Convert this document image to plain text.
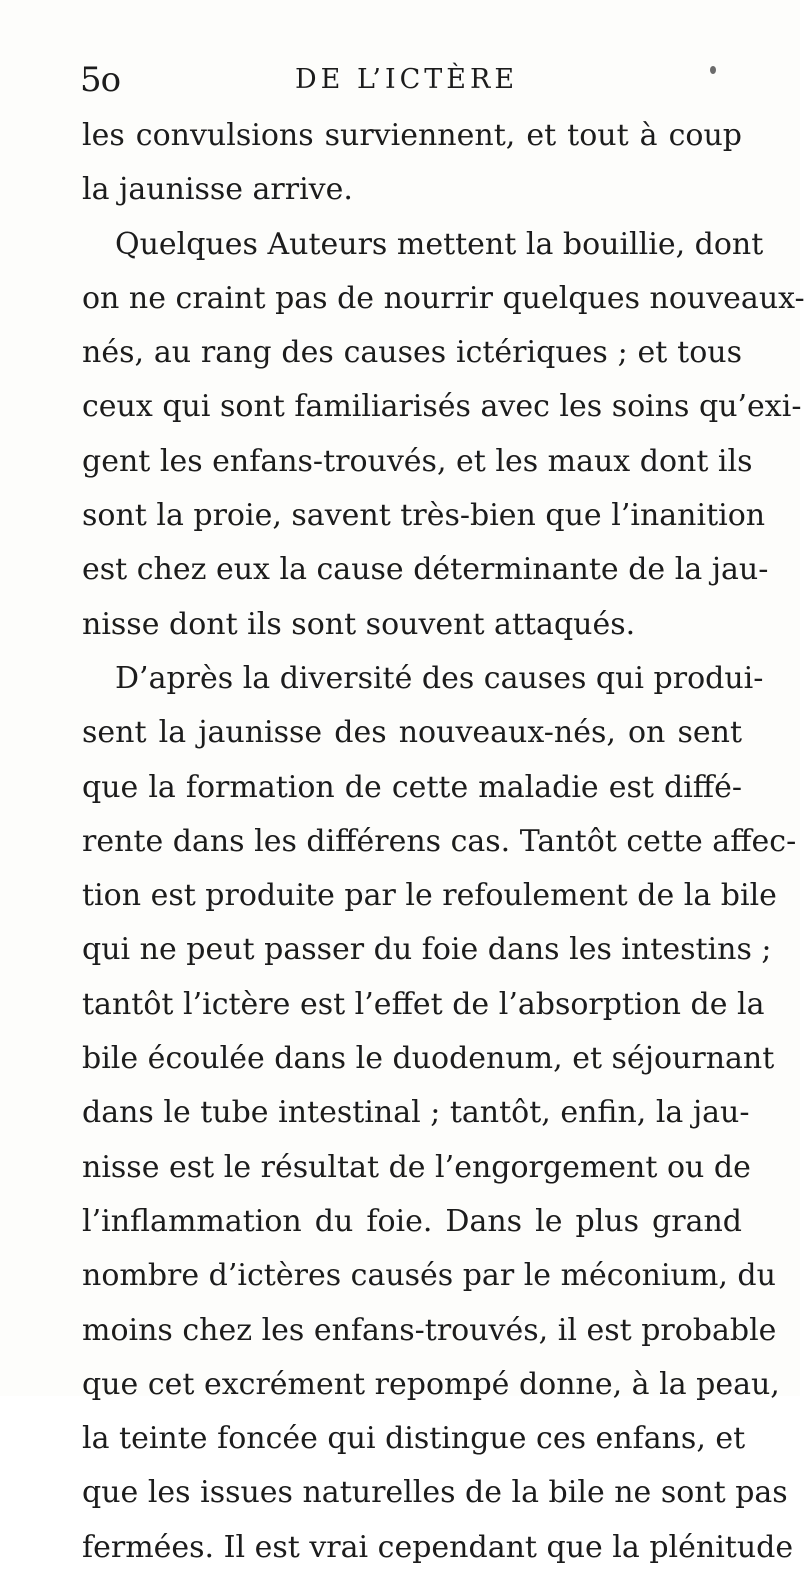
5o	DE L’ICTÈRE
les convulsions surviennent, et tout à coup
la jaunisse arrive.
Quelques Auteurs mettent la bouillie, dont
on ne craint pas de nourrir quelques nouveaux-
nés, au rang des causes ictériques ; et tous
ceux qui sont familiarisés avec les soins qu’exi-
gent les enfans-trouvés, et les maux dont ils
sont la proie, savent très-bien que l’inanition
est chez eux la cause déterminante de la jau-
nisse dont ils sont souvent attaqués.
D’après la diversité des causes qui produi-
sent la jaunisse des nouveaux-nés, on sent
que la formation de cette maladie est diffé-
rente dans les différens cas. Tantôt cette affec-
tion est produite par le refoulement de la bile
qui ne peut passer du foie dans les intestins ;
tantôt l’ictère est l’effet de l’absorption de la
bile écoulée dans le duodenum, et séjournant
dans le tube intestinal ; tantôt, enfin, la jau-
nisse est le résultat de l’engorgement ou de
l’inflammation du foie. Dans le plus grand
nombre d’ictères causés par le méconium, du
moins chez les enfans-trouvés, il est probable
que cet excrément repompé donne, à la peau,
la teinte foncée qui distingue ces enfans, et
que les issues naturelles de la bile ne sont pas
fermées. Il est vrai cependant que la plénitude
